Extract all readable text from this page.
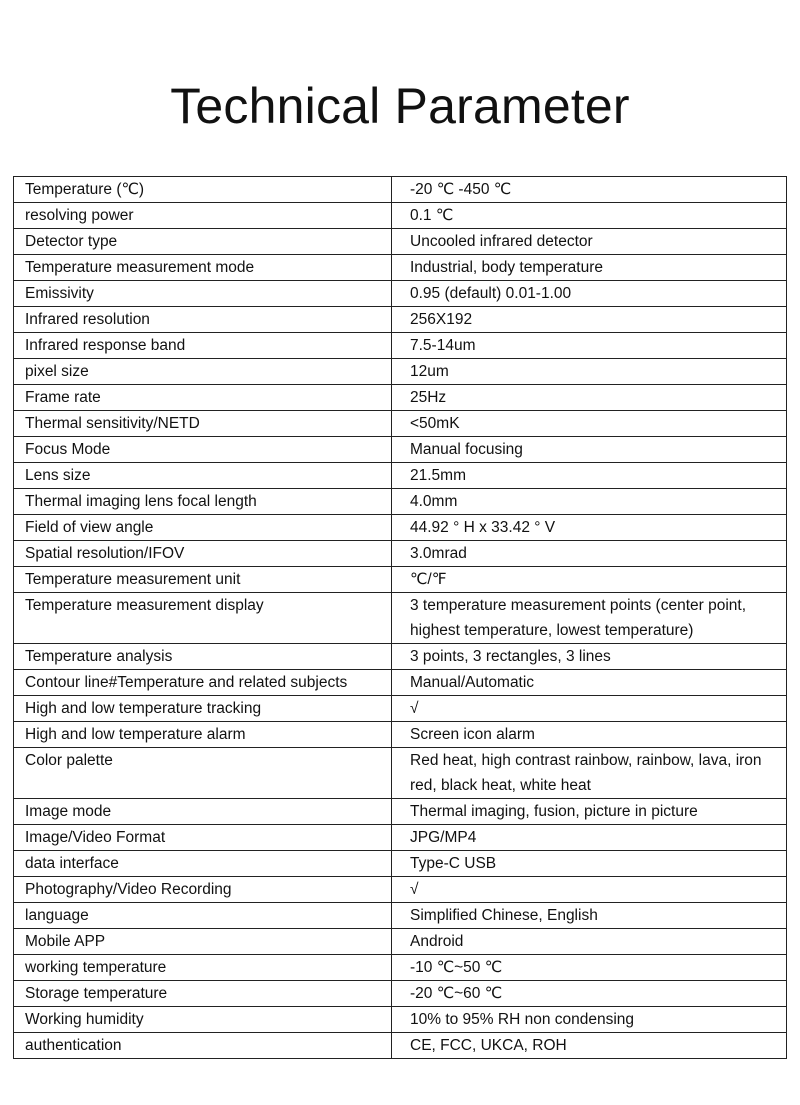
Technical Parameter
Temperature (℃)	-20 ℃ -450 ℃
resolving power	0.1 ℃
Detector type	Uncooled infrared detector
Temperature measurement mode	Industrial, body temperature
Emissivity	0.95 (default) 0.01-1.00
Infrared resolution	256X192
Infrared response band	7.5-14um
pixel size	12um
Frame rate	25Hz
Thermal sensitivity/NETD	<50mK
Focus Mode	Manual focusing
Lens size	21.5mm
Thermal imaging lens focal length	4.0mm
Field of view angle	44.92 ° H x 33.42 ° V
Spatial resolution/IFOV	3.0mrad
Temperature measurement unit	℃/℉
Temperature measurement display	3 temperature measurement points (center point, highest temperature, lowest temperature)
Temperature analysis	3 points, 3 rectangles, 3 lines
Contour line#Temperature and related subjects	Manual/Automatic
High and low temperature tracking	√
High and low temperature alarm	Screen icon alarm
Color palette	Red heat, high contrast rainbow, rainbow, lava, iron red, black heat, white heat
Image mode	Thermal imaging, fusion, picture in picture
Image/Video Format	JPG/MP4
data interface	Type-C USB
Photography/Video Recording	√
language	Simplified Chinese, English
Mobile APP	Android
working temperature	-10 ℃~50 ℃
Storage temperature	-20 ℃~60 ℃
Working humidity	10% to 95% RH non condensing
authentication	CE, FCC, UKCA, ROH
